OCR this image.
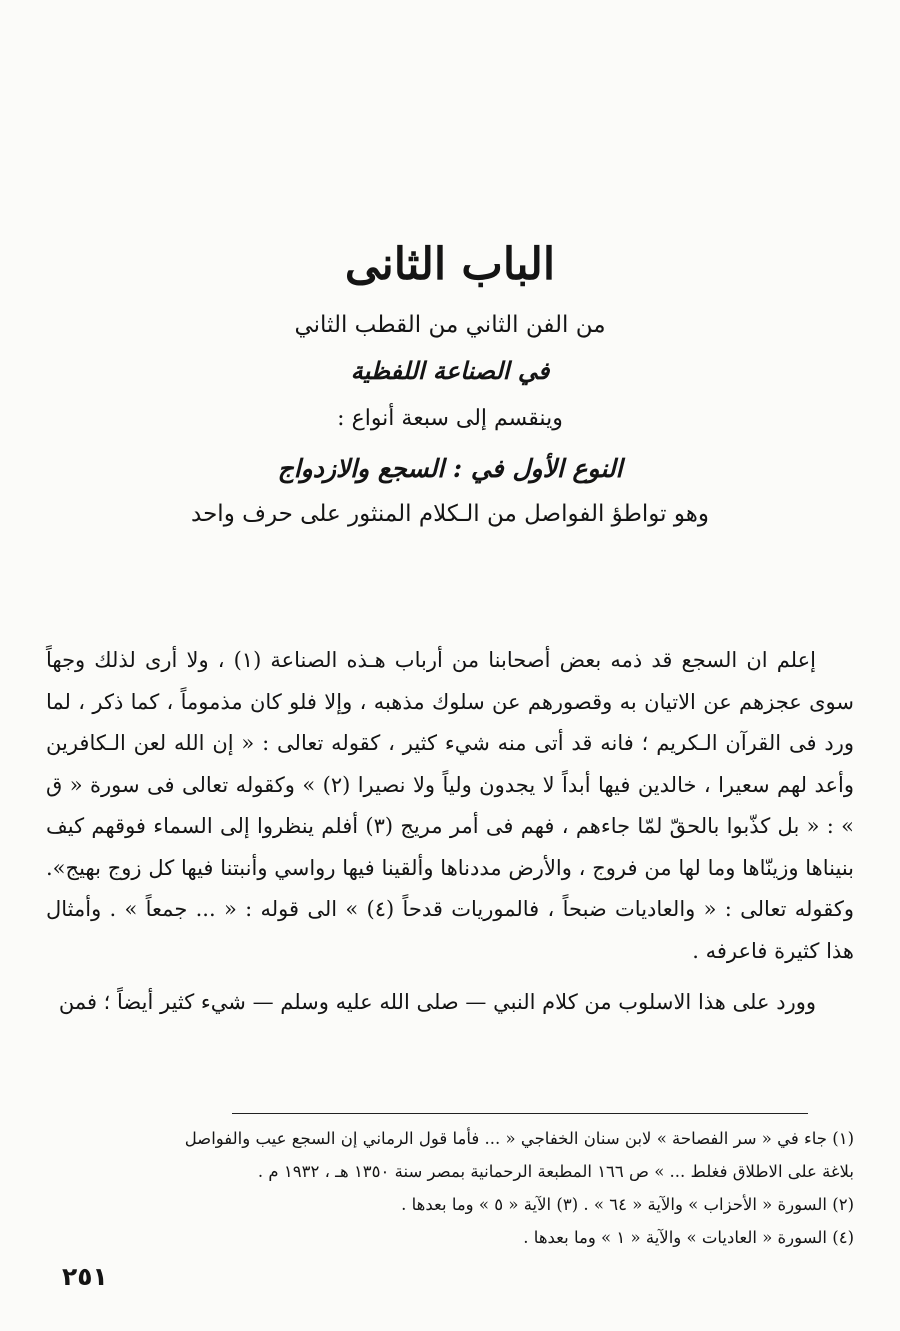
الباب الثانى
من الفن الثاني من القطب الثاني
في الصناعة اللفظية
وينقسم إلى سبعة أنواع :
النوع الأول في : السجع والازدواج
وهو تواطؤ الفواصل من الـكلام المنثور على حرف واحد

إعلم ان السجع قد ذمه بعض أصحابنا من أرباب هـذه الصناعة (١) ، ولا أرى لذلك وجهاً سوى عجزهم عن الاتيان به وقصورهم عن سلوك مذهبه ، وإلا فلو كان مذموماً ، كما ذكر ، لما ورد فى القرآن الـكريم ؛ فانه قد أتى منه شيء كثير ، كقوله تعالى : « إن الله لعن الـكافرين وأعد لهم سعيرا ، خالدين فيها أبداً لا يجدون ولياً ولا نصيرا (٢) » وكقوله تعالى فى سورة « ق » : « بل كذّبوا بالحقّ لمّا جاءهم ، فهم فى أمر مريج (٣) أفلم ينظروا إلى السماء فوقهم كيف بنيناها وزينّاها وما لها من فروج ، والأرض مددناها وألقينا فيها رواسي وأنبتنا فيها كل زوج بهيج». وكقوله تعالى : « والعاديات ضبحاً ، فالموريات قدحاً (٤) » الى قوله : « ... جمعاً » . وأمثال هذا كثيرة فاعرفه .

وورد على هذا الاسلوب من كلام النبي — صلى الله عليه وسلم — شيء كثير أيضاً ؛ فمن

(١) جاء في « سر الفصاحة » لابن سنان الخفاجي « ... فأما قول الرماني إن السجع عيب والفواصل
بلاغة على الاطلاق فغلط ... » ص ١٦٦ المطبعة الرحمانية بمصر سنة ١٣٥٠ هـ ، ١٩٣٢ م .
(٢) السورة « الأحزاب » والآية « ٦٤ » . (٣) الآية « ٥ » وما بعدها .
(٤) السورة « العاديات » والآية « ١ » وما بعدها .
٢٥١
